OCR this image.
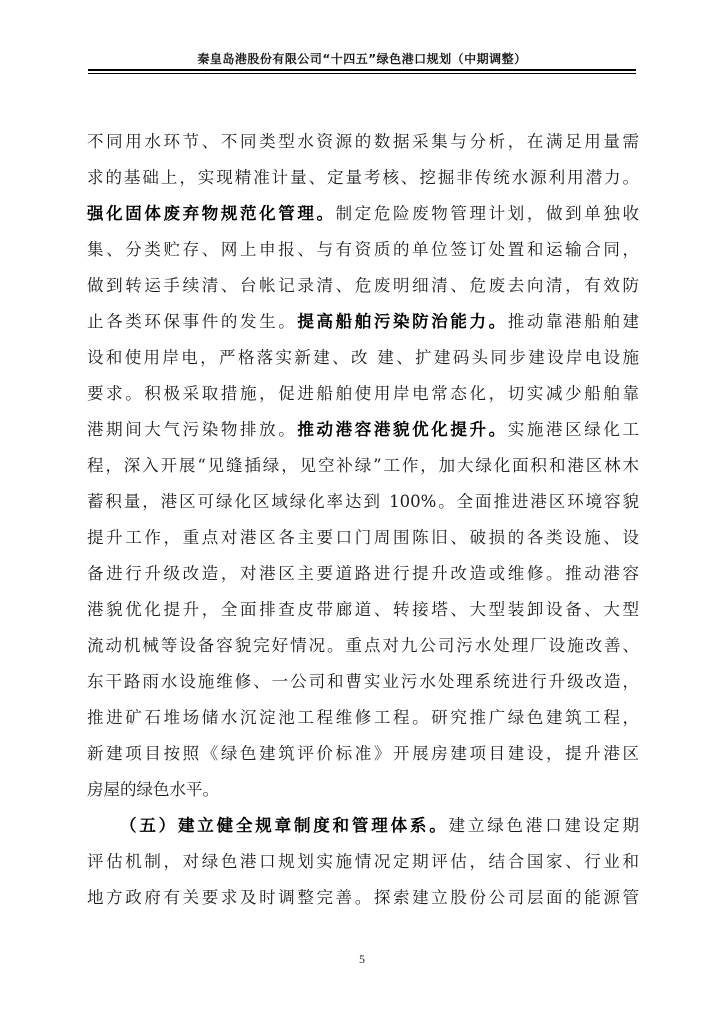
秦皇岛港股份有限公司“十四五”绿色港口规划（中期调整）
不同用水环节、不同类型水资源的数据采集与分析，在满足用量需
求的基础上，实现精准计量、定量考核、挖掘非传统水源利用潜力。
强化固体废弃物规范化管理。制定危险废物管理计划，做到单独收
集、分类贮存、网上申报、与有资质的单位签订处置和运输合同，
做到转运手续清、台帐记录清、危废明细清、危废去向清，有效防
止各类环保事件的发生。提高船舶污染防治能力。推动靠港船舶建
设和使用岸电，严格落实新建、改 建、扩建码头同步建设岸电设施
要求。积极采取措施，促进船舶使用岸电常态化，切实减少船舶靠
港期间大气污染物排放。推动港容港貌优化提升。实施港区绿化工
程，深入开展“见缝插绿，见空补绿”工作，加大绿化面积和港区林木
蓄积量，港区可绿化区域绿化率达到 100%。全面推进港区环境容貌
提升工作，重点对港区各主要口门周围陈旧、破损的各类设施、设
备进行升级改造，对港区主要道路进行提升改造或维修。推动港容
港貌优化提升，全面排查皮带廊道、转接塔、大型装卸设备、大型
流动机械等设备容貌完好情况。重点对九公司污水处理厂设施改善、
东干路雨水设施维修、一公司和曹实业污水处理系统进行升级改造，
推进矿石堆场储水沉淀池工程维修工程。研究推广绿色建筑工程，
新建项目按照《绿色建筑评价标准》开展房建项目建设，提升港区
房屋的绿色水平。
（五）建立健全规章制度和管理体系。建立绿色港口建设定期
评估机制，对绿色港口规划实施情况定期评估，结合国家、行业和
地方政府有关要求及时调整完善。探索建立股份公司层面的能源管
5
